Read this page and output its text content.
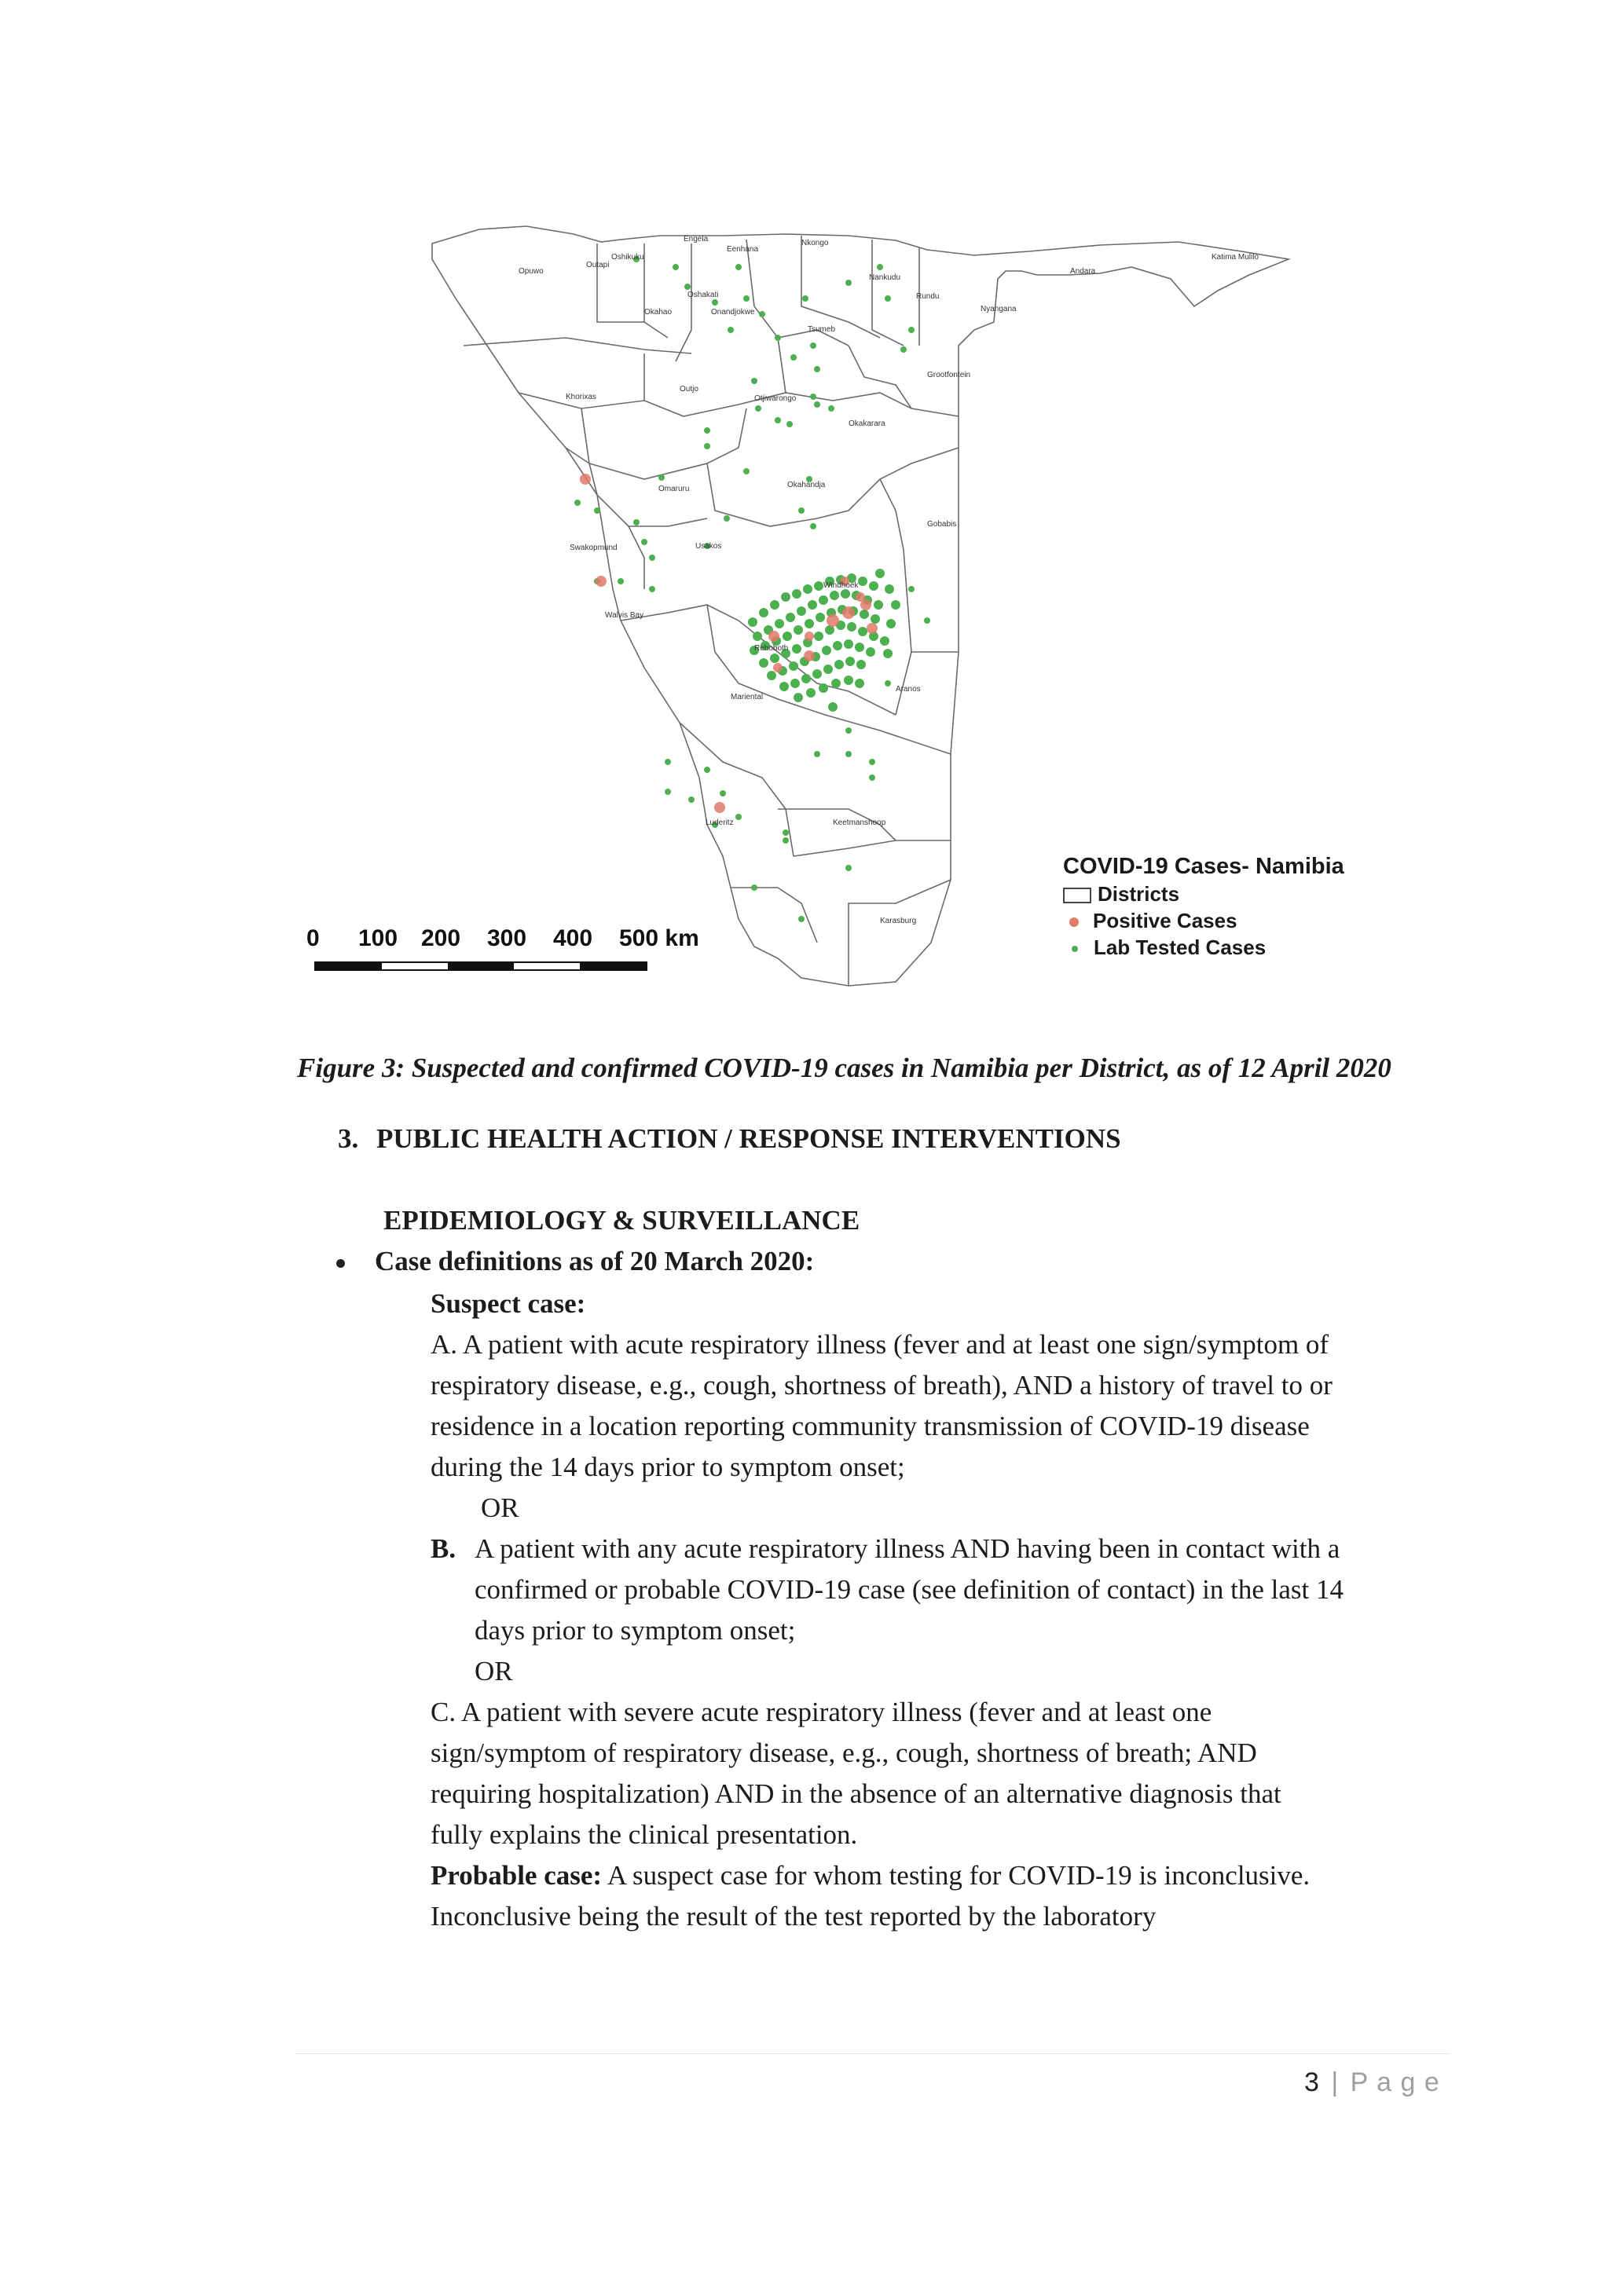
Opuwo
Outapi
Oshikuku
Engela
Eenhana
Nkongo
Okahao
Oshakati
Onandjokwe
Tsumeb
Nankudu
Rundu
Nyangana
Andara
Katima Mulilo
Grootfontein
Khorixas
Outjo
Otjiwarongo
Okakarara
Omaruru	Okahandja
Gobabis
Swakopmund	Usakos
Walvis Bay
Windhoek
Rehoboth
Mariental
Aranos
Keetmanshoop
Luderitz
Karasburg
COVID-19 Cases- Namibia
Districts
Positive Cases
Lab Tested Cases
0 100 200 300 400 500 km
Figure 3: Suspected and confirmed COVID-19 cases in Namibia per District, as of 12 April 2020
3. PUBLIC HEALTH ACTION / RESPONSE INTERVENTIONS
EPIDEMIOLOGY & SURVEILLANCE
Case definitions as of 20 March 2020:
Suspect case:
A. A patient with acute respiratory illness (fever and at least one sign/symptom of
respiratory disease, e.g., cough, shortness of breath), AND a history of travel to or
residence in a location reporting community transmission of COVID-19 disease
during the 14 days prior to symptom onset;
OR
B. A patient with any acute respiratory illness AND having been in contact with a
confirmed or probable COVID-19 case (see definition of contact) in the last 14
days prior to symptom onset;
OR
C. A patient with severe acute respiratory illness (fever and at least one
sign/symptom of respiratory disease, e.g., cough, shortness of breath; AND
requiring hospitalization) AND in the absence of an alternative diagnosis that
fully explains the clinical presentation.
Probable case: A suspect case for whom testing for COVID-19 is inconclusive.
Inconclusive being the result of the test reported by the laboratory
3 | P a g e
